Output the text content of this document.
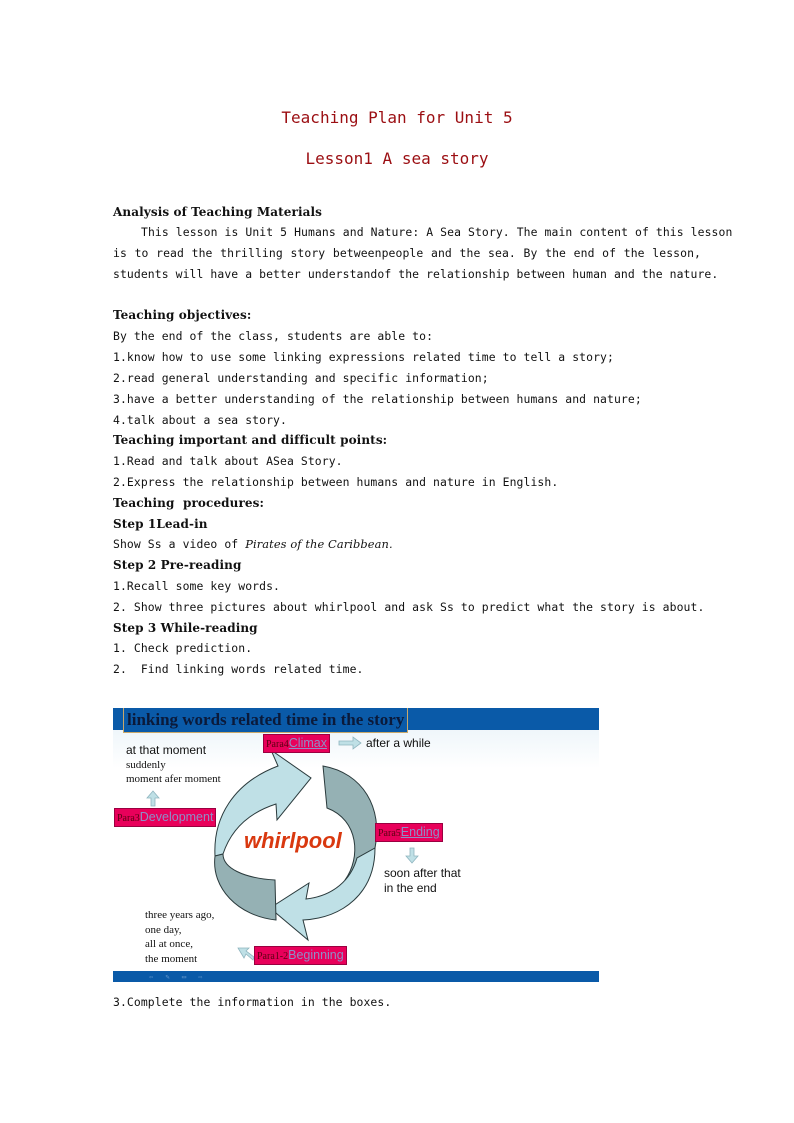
Teaching Plan for Unit 5
Lesson1 A sea story
Analysis of Teaching Materials
This lesson is Unit 5 Humans and Nature: A Sea Story. The main content of this lesson
is to read the thrilling story betweenpeople and the sea. By the end of the lesson,
students will have a better understandof the relationship between human and the nature.
Teaching objectives:
By the end of the class, students are able to:
1.know how to use some linking expressions related time to tell a story;
2.read general understanding and specific information;
3.have a better understanding of the relationship between humans and nature;
4.talk about a sea story.
Teaching important and difficult points:
1.Read and talk about ASea Story.
2.Express the relationship between humans and nature in English.
Teaching  procedures:
Step 1Lead-in
Show Ss a video of Pirates of the Caribbean.
Step 2 Pre-reading
1.Recall some key words.
2. Show three pictures about whirlpool and ask Ss to predict what the story is about.
Step 3 While-reading
1. Check prediction.
2.  Find linking words related time.
linking words related time in the story
whirlpool
Para4Climax	after a while
at that moment
suddenly
moment afer moment
Para3Development
Para5Ending
soon after that
in the end
three years ago,
one day,
all at once,
the moment	Para1-2Beginning
⇦ ✎ ▭ ⇨
3.Complete the information in the boxes.
